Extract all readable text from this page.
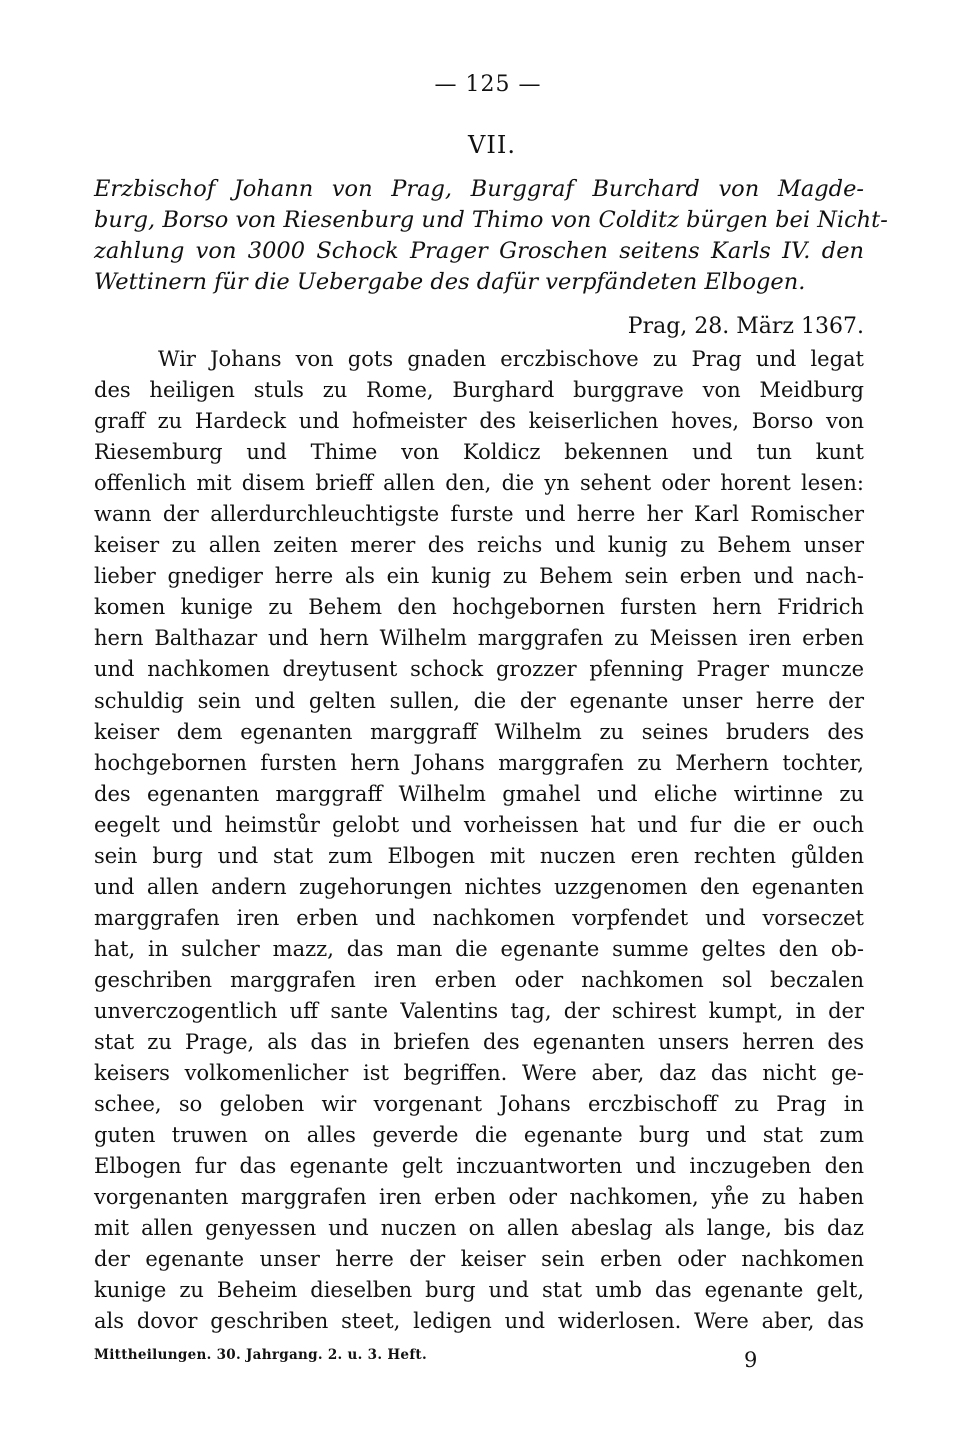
— 125 —
VII.
Erzbischof Johann von Prag, Burggraf Burchard von Magde-
burg, Borso von Riesenburg und Thimo von Colditz bürgen bei Nicht-
zahlung von 3000 Schock Prager Groschen seitens Karls IV. den
Wettinern für die Uebergabe des dafür verpfändeten Elbogen.
Prag, 28. März 1367.
Wir Johans von gots gnaden erczbischove zu Prag und legat
des heiligen stuls zu Rome, Burghard burggrave von Meidburg
graff zu Hardeck und hofmeister des keiserlichen hoves, Borso von
Riesemburg und Thime von Koldicz bekennen und tun kunt
offenlich mit disem brieff allen den, die yn sehent oder horent lesen:
wann der allerdurchleuchtigste furste und herre her Karl Romischer
keiser zu allen zeiten merer des reichs und kunig zu Behem unser
lieber gnediger herre als ein kunig zu Behem sein erben und nach-
komen kunige zu Behem den hochgebornen fursten hern Fridrich
hern Balthazar und hern Wilhelm marggrafen zu Meissen iren erben
und nachkomen dreytusent schock grozzer pfenning Prager muncze
schuldig sein und gelten sullen, die der egenante unser herre der
keiser dem egenanten marggraff Wilhelm zu seines bruders des
hochgebornen fursten hern Johans marggrafen zu Merhern tochter,
des egenanten marggraff Wilhelm gmahel und eliche wirtinne zu
eegelt und heimstůr gelobt und vorheissen hat und fur die er ouch
sein burg und stat zum Elbogen mit nuczen eren rechten gůlden
und allen andern zugehorungen nichtes uzzgenomen den egenanten
marggrafen iren erben und nachkomen vorpfendet und vorseczet
hat, in sulcher mazz, das man die egenante summe geltes den ob-
geschriben marggrafen iren erben oder nachkomen sol beczalen
unverczogentlich uff sante Valentins tag, der schirest kumpt, in der
stat zu Prage, als das in briefen des egenanten unsers herren des
keisers volkomenlicher ist begriffen. Were aber, daz das nicht ge-
schee, so geloben wir vorgenant Johans erczbischoff zu Prag in
guten truwen on alles geverde die egenante burg und stat zum
Elbogen fur das egenante gelt inczuantworten und inczugeben den
vorgenanten marggrafen iren erben oder nachkomen, yn̊e zu haben
mit allen genyessen und nuczen on allen abeslag als lange, bis daz
der egenante unser herre der keiser sein erben oder nachkomen
kunige zu Beheim dieselben burg und stat umb das egenante gelt,
als dovor geschriben steet, ledigen und widerlosen. Were aber, das
Mittheilungen. 30. Jahrgang. 2. u. 3. Heft.	9
